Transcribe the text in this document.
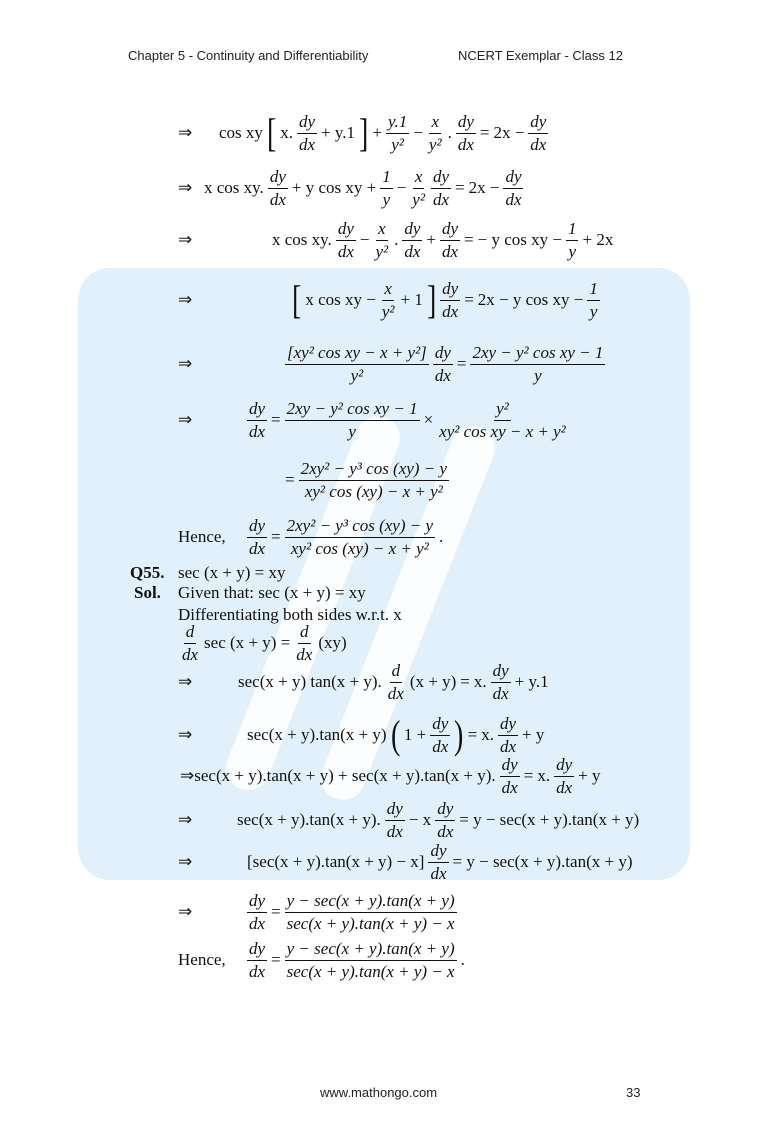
Chapter 5 - Continuity and Differentiability	NCERT Exemplar - Class 12
Q55. sec (x + y) = xy
Sol. Given that: sec (x + y) = xy
Differentiating both sides w.r.t. x
⇒ cos xy [ x. $\frac{dy}{dx} + y.1$ ] + $\frac{y.1}{\text{y²}} - \frac{x}{\text{y²}}$ . $\frac{dy}{dx} = 2x - \frac{dy}{dx}$
⇒ x cos xy. $\frac{dy}{dx} + y$ cos xy + $\frac{1}{y} - \frac{x}{\text{y²}} \frac{dy}{dx} = 2x - \frac{dy}{dx}$
⇒	x cos xy. $\frac{dy}{dx} - \frac{x}{\text{y²}}$ . $\frac{dy}{dx} + \frac{dy}{dx}$ = − y cos xy − $\frac{1}{y} + 2x$
⇒ [ x cos xy − $\frac{x}{\text{y²}} + 1$ ] $\frac{dy}{dx} = 2x - y$ cos xy − $\frac{1}{y}$
⇒	$\frac{\text{[xy² cos xy − x + y²]}}{\text{y²}} \frac{dy}{dx} = \frac{\text{2xy − y² cos xy − 1}}{y}$
⇒	$\frac{dy}{dx} = \frac{\text{2xy − y² cos xy − 1}}{y} \times \frac{\text{y²}}{\text{xy² cos xy − x + y²}}$
= $\frac{\text{2xy² − y³ cos (xy) − y}}{\text{xy² cos (xy) − x + y²}}$
Hence, $\frac{dy}{dx} = \frac{\text{2xy² − y³ cos (xy) − y}}{\text{xy² cos (xy) − x + y²}}$ .
$\frac{d}{dx}$ $\sec (x + y) = \frac{d}{dx} (xy)$
⇒	sec(x + y) tan(x + y). $\frac{d}{dx} (x + y) = x$. $\frac{dy}{dx} + y.1$
⇒	sec(x + y).tan(x + y) ( $1 + \frac{dy}{dx}$ ) = x. $\frac{dy}{dx} + y$
⇒sec(x + y).tan(x + y) + sec(x + y).tan(x + y). $\frac{dy}{dx} = x$. $\frac{dy}{dx} + y$
⇒	sec(x + y).tan(x + y). $\frac{dy}{dx} - x \frac{dy}{dx} = y - \sec(x + y).\tan(x + y)$
⇒	$[\sec(x + y).\tan(x + y) - x] \frac{dy}{dx} = y - \sec(x + y).\tan(x + y)$
⇒	$\frac{dy}{dx} = \frac{y - \sec(x + y).\tan(x + y)}{\sec(x + y).\tan(x + y) - x}$
Hence, $\frac{dy}{dx} = \frac{y - \sec(x + y).\tan(x + y)}{\sec(x + y).\tan(x + y) - x}$ .
www.mathongo.com	33
